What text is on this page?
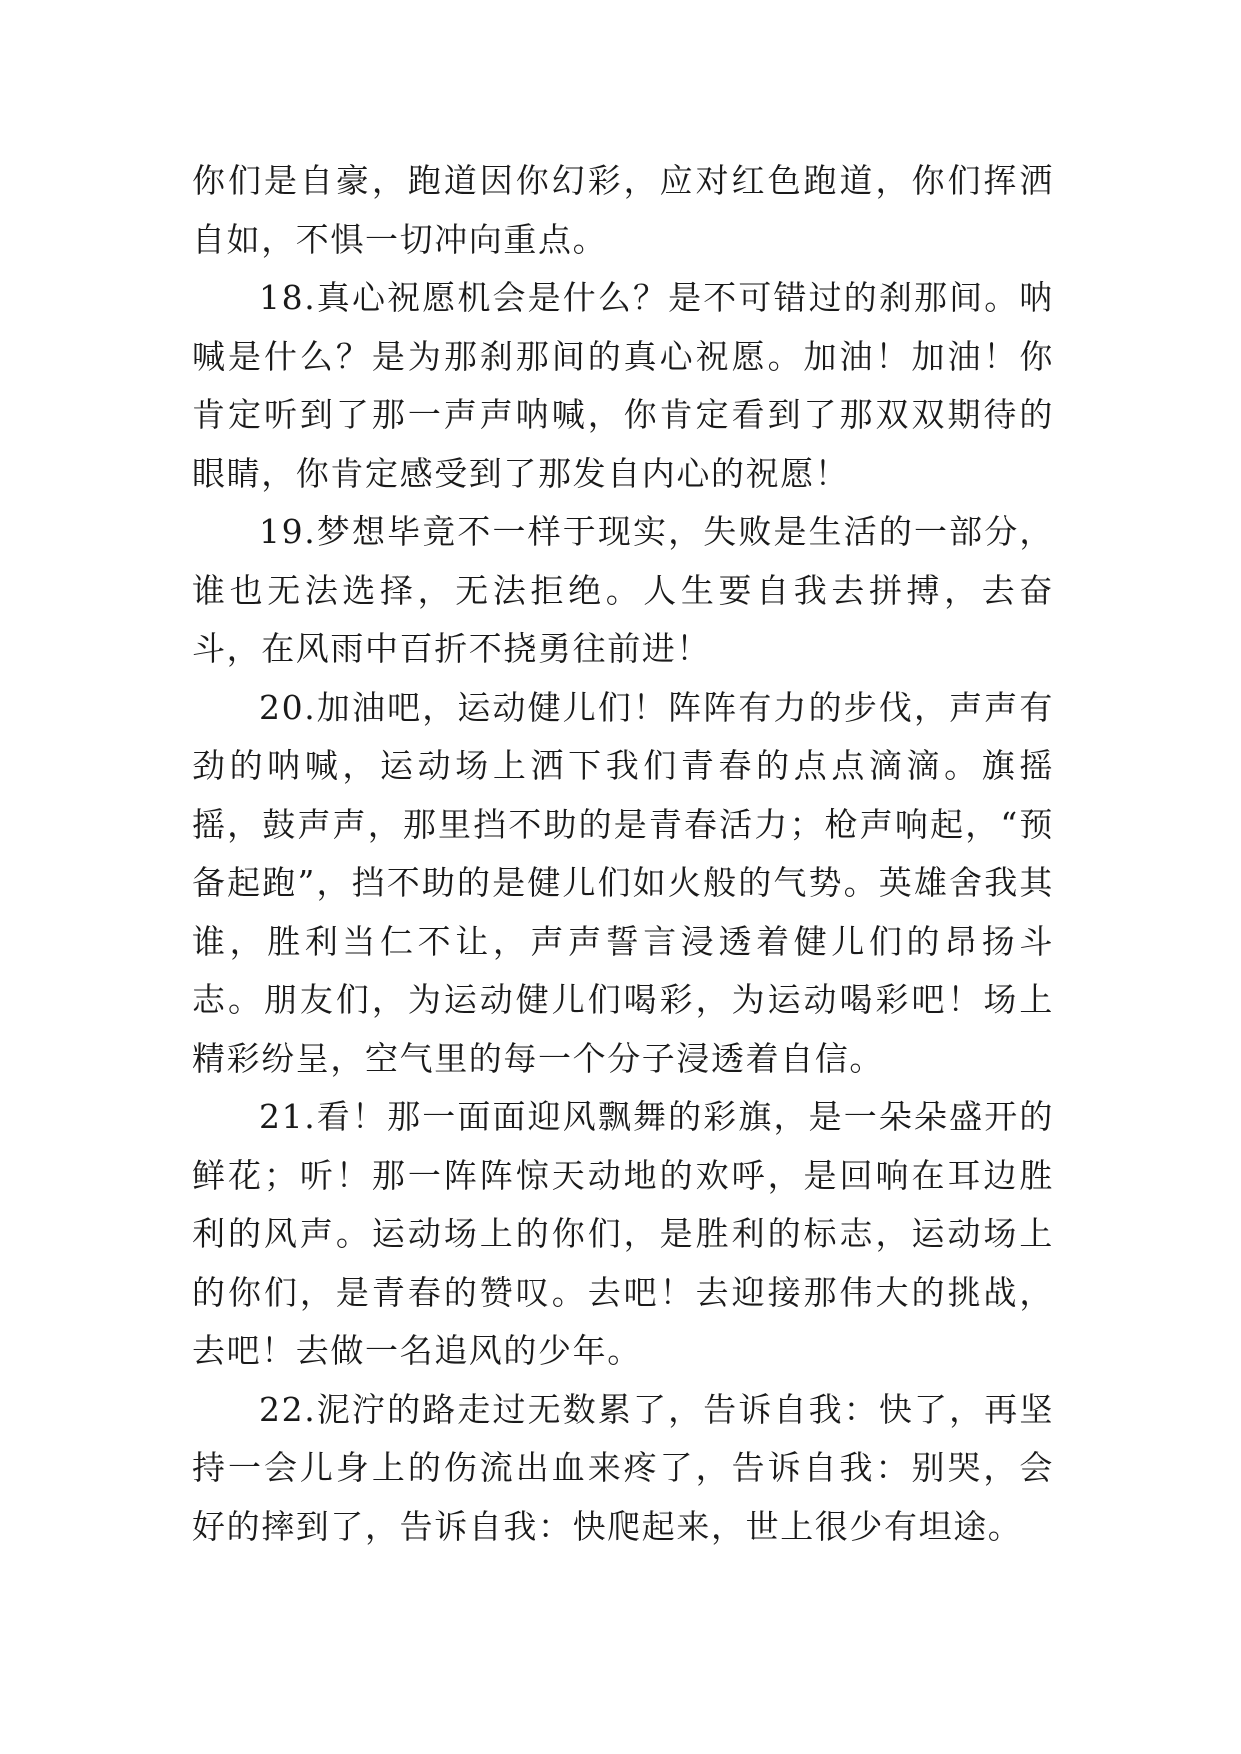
你们是自豪，跑道因你幻彩，应对红色跑道，你们挥洒自如，不惧一切冲向重点。

18.真心祝愿机会是什么？是不可错过的刹那间。呐喊是什么？是为那刹那间的真心祝愿。加油！加油！你肯定听到了那一声声呐喊，你肯定看到了那双双期待的眼睛，你肯定感受到了那发自内心的祝愿！

19.梦想毕竟不一样于现实，失败是生活的一部分，谁也无法选择，无法拒绝。人生要自我去拼搏，去奋斗，在风雨中百折不挠勇往前进！

20.加油吧，运动健儿们！阵阵有力的步伐，声声有劲的呐喊，运动场上洒下我们青春的点点滴滴。旗摇摇，鼓声声，那里挡不助的是青春活力；枪声响起，“预备起跑”，挡不助的是健儿们如火般的气势。英雄舍我其谁，胜利当仁不让，声声誓言浸透着健儿们的昂扬斗志。朋友们，为运动健儿们喝彩，为运动喝彩吧！场上精彩纷呈，空气里的每一个分子浸透着自信。

21.看！那一面面迎风飘舞的彩旗，是一朵朵盛开的鲜花；听！那一阵阵惊天动地的欢呼，是回响在耳边胜利的风声。运动场上的你们，是胜利的标志，运动场上的你们，是青春的赞叹。去吧！去迎接那伟大的挑战，去吧！去做一名追风的少年。

22.泥泞的路走过无数累了，告诉自我：快了，再坚持一会儿身上的伤流出血来疼了，告诉自我：别哭，会好的摔到了，告诉自我：快爬起来，世上很少有坦途。
